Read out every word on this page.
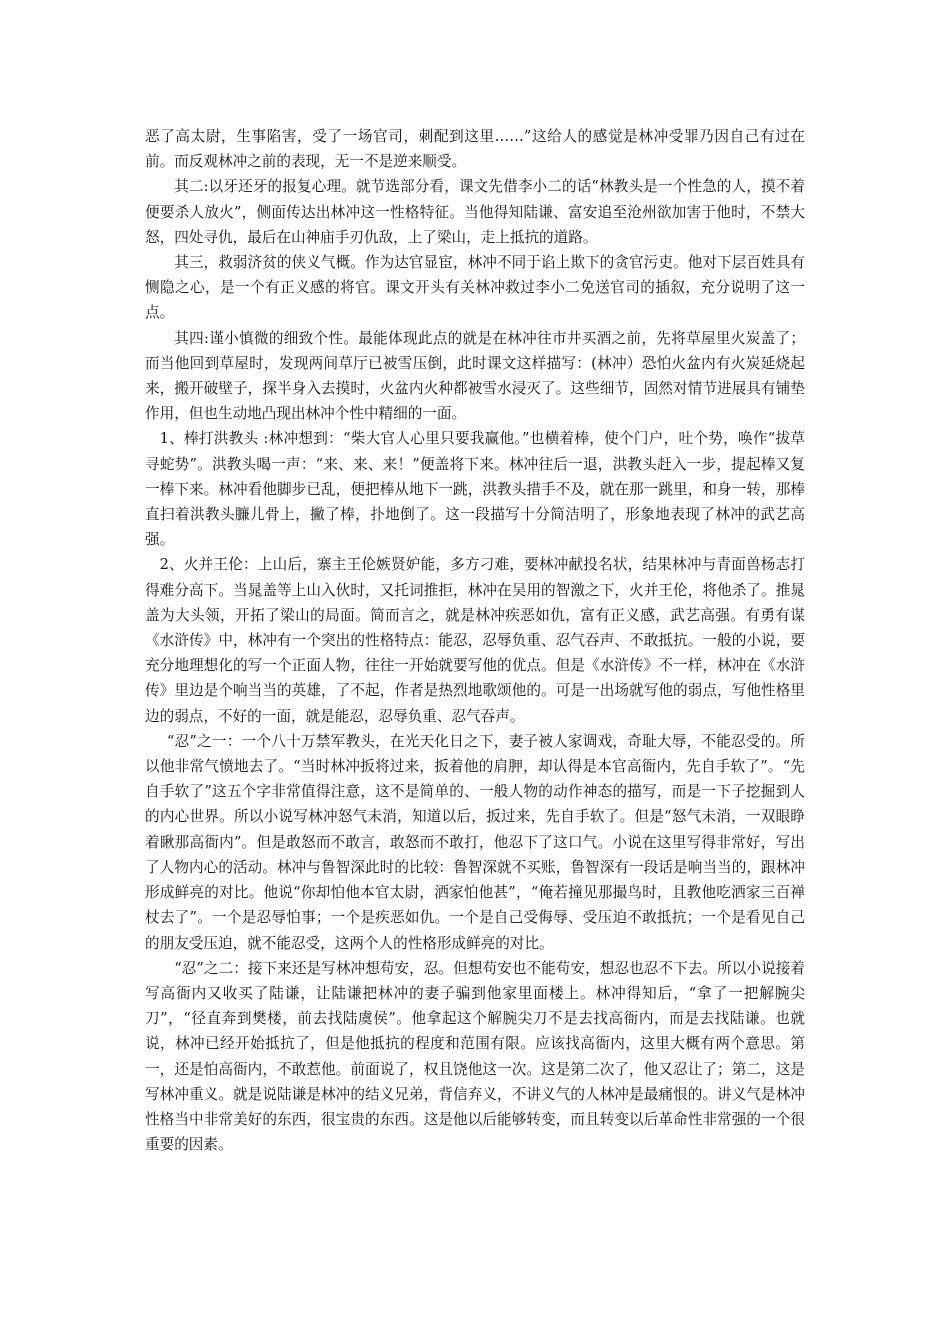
恶了高太尉，生事陷害，受了一场官司，刺配到这里……”这给人的感觉是林冲受罪乃因自己有过在前。而反观林冲之前的表现，无一不是逆来顺受。

其二:以牙还牙的报复心理。就节选部分看，课文先借李小二的话“林教头是一个性急的人，摸不着便要杀人放火”，侧面传达出林冲这一性格特征。当他得知陆谦、富安追至沧州欲加害于他时，不禁大怒，四处寻仇，最后在山神庙手刃仇敌，上了梁山，走上抵抗的道路。

其三，救弱济贫的侠义气概。作为达官显宦，林冲不同于谄上欺下的贪官污吏。他对下层百姓具有恻隐之心，是一个有正义感的将官。课文开头有关林冲救过李小二免送官司的插叙，充分说明了这一点。

其四:谨小慎微的细致个性。最能体现此点的就是在林冲往市井买酒之前，先将草屋里火炭盖了；而当他回到草屋时，发现两间草厅已被雪压倒，此时课文这样描写：(林冲）恐怕火盆内有火炭延烧起来，搬开破壁子，探半身入去摸时，火盆内火种都被雪水浸灭了。这些细节，固然对情节进展具有铺垫作用，但也生动地凸现出林冲个性中精细的一面。

1、棒打洪教头 :林冲想到：“柴大官人心里只要我赢他。”也横着棒，使个门户，吐个势，唤作“拔草寻蛇势”。洪教头喝一声：“来、来、来！”便盖将下来。林冲往后一退，洪教头赶入一步，提起棒又复一棒下来。林冲看他脚步已乱，便把棒从地下一跳，洪教头措手不及，就在那一跳里，和身一转，那棒直扫着洪教头臁儿骨上，撇了棒，扑地倒了。这一段描写十分简洁明了，形象地表现了林冲的武艺高强。

2、火并王伦：上山后，寨主王伦嫉贤妒能，多方刁难，要林冲献投名状，结果林冲与青面兽杨志打得难分高下。当晁盖等上山入伙时，又托词推拒，林冲在吴用的智激之下，火并王伦，将他杀了。推晁盖为大头领，开拓了梁山的局面。简而言之，就是林冲疾恶如仇，富有正义感，武艺高强。有勇有谋《水浒传》中，林冲有一个突出的性格特点：能忍，忍辱负重、忍气吞声、不敢抵抗。一般的小说，要充分地理想化的写一个正面人物，往往一开始就要写他的优点。但是《水浒传》不一样，林冲在《水浒传》里边是个响当当的英雄，了不起，作者是热烈地歌颂他的。可是一出场就写他的弱点，写他性格里边的弱点，不好的一面，就是能忍，忍辱负重、忍气吞声。

“忍”之一：一个八十万禁军教头，在光天化日之下，妻子被人家调戏，奇耻大辱，不能忍受的。所以他非常气愤地去了。“当时林冲扳将过来，扳着他的肩胛，却认得是本官高衙内，先自手软了”。“先自手软了”这五个字非常值得注意，这不是简单的、一般人物的动作神态的描写，而是一下子挖掘到人的内心世界。所以小说写林冲怒气未消，知道以后，扳过来，先自手软了。但是“怒气未消，一双眼睁着瞅那高衙内”。但是敢怒而不敢言，敢怒而不敢打，他忍下了这口气。小说在这里写得非常好，写出了人物内心的活动。林冲与鲁智深此时的比较：鲁智深就不买账，鲁智深有一段话是响当当的，跟林冲形成鲜亮的对比。他说“你却怕他本官太尉，洒家怕他甚”，“俺若撞见那撮鸟时，且教他吃洒家三百禅杖去了”。一个是忍辱怕事；一个是疾恶如仇。一个是自己受侮辱、受压迫不敢抵抗；一个是看见自己的朋友受压迫，就不能忍受，这两个人的性格形成鲜亮的对比。

“忍”之二：接下来还是写林冲想苟安，忍。但想苟安也不能苟安，想忍也忍不下去。所以小说接着写高衙内又收买了陆谦，让陆谦把林冲的妻子骗到他家里面楼上。林冲得知后，“拿了一把解腕尖刀”，“径直奔到樊楼，前去找陆虞侯”。他拿起这个解腕尖刀不是去找高衙内，而是去找陆谦。也就说，林冲已经开始抵抗了，但是他抵抗的程度和范围有限。应该找高衙内，这里大概有两个意思。第一，还是怕高衙内，不敢惹他。前面说了，权且饶他这一次。这是第二次了，他又忍让了；第二，这是写林冲重义。就是说陆谦是林冲的结义兄弟，背信弃义，不讲义气的人林冲是最痛恨的。讲义气是林冲性格当中非常美好的东西，很宝贵的东西。这是他以后能够转变，而且转变以后革命性非常强的一个很重要的因素。
